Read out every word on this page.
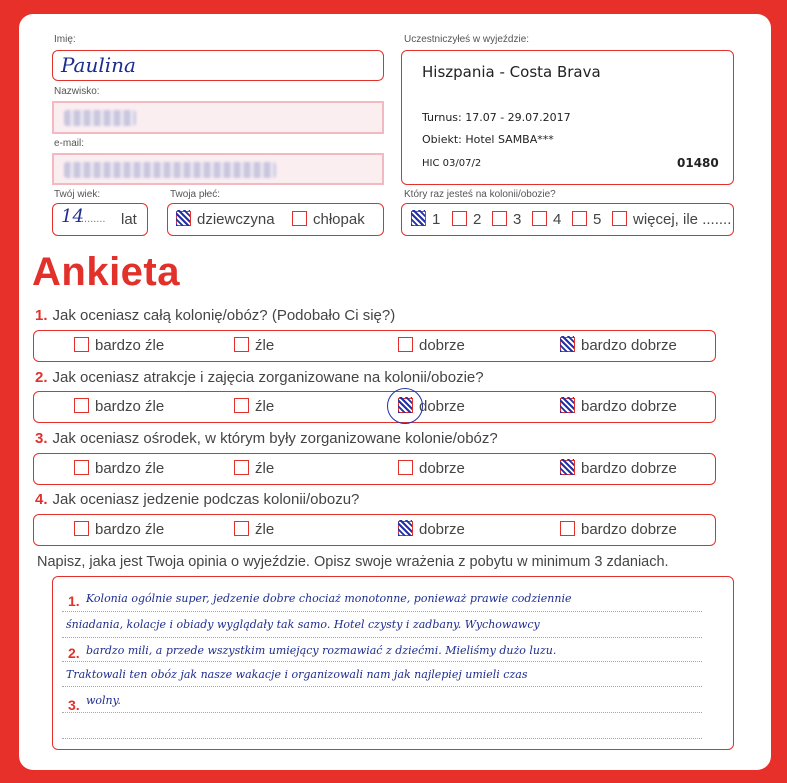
Imię:
Paulina
Nazwisko:
e-mail:
Twój wiek:
14
........ lat
Twoja płeć:
dziewczyna	chłopak
Uczestniczyłeś w wyjeździe:
Hiszpania - Costa Brava
Turnus: 17.07 - 29.07.2017
Obiekt: Hotel SAMBA***
HIC 03/07/2	01480
Który raz jesteś na kolonii/obozie?
1	2	3	4	5	więcej, ile .......
Ankieta
1. Jak oceniasz całą kolonię/obóz? (Podobało Ci się?)
bardzo źle	źle	dobrze	bardzo dobrze
2. Jak oceniasz atrakcje i zajęcia zorganizowane na kolonii/obozie?
bardzo źle	źle	dobrze	bardzo dobrze
3. Jak oceniasz ośrodek, w którym były zorganizowane kolonie/obóz?
bardzo źle	źle	dobrze	bardzo dobrze
4. Jak oceniasz jedzenie podczas kolonii/obozu?
bardzo źle	źle	dobrze	bardzo dobrze
Napisz, jaka jest Twoja opinia o wyjeździe. Opisz swoje wrażenia z pobytu w minimum 3 zdaniach.
1.
2.
3.
Kolonia ogólnie super, jedzenie dobre chociaż monotonne, ponieważ prawie codziennie
śniadania, kolacje i obiady wyglądały tak samo. Hotel czysty i zadbany. Wychowawcy
bardzo mili, a przede wszystkim umiejący rozmawiać z dziećmi. Mieliśmy dużo luzu.
Traktowali ten obóz jak nasze wakacje i organizowali nam jak najlepiej umieli czas
wolny.
